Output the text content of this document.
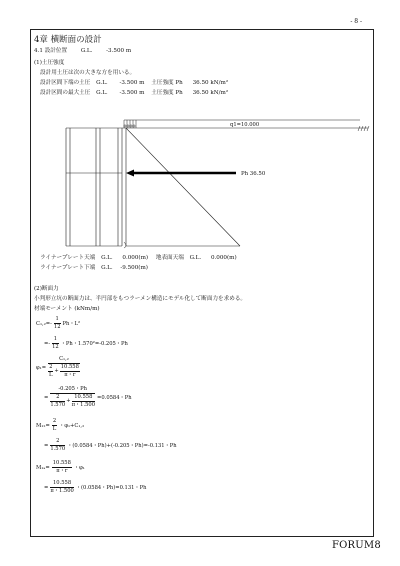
- 8 -
4章 横断面の設計
4.1 設計位置 G.L. -3.500 m
(1)土圧強度
設計用土圧は次の大きな方を用いる。
設計区間下端の土圧 G.L. -3.500 m 土圧強度 Ph 36.50 kN/m²
設計区間の最大土圧 G.L. -3.500 m 土圧強度 Ph 36.50 kN/m²
q1=10.000
Ph 36.50
ライナープレート天端 G.L. 0.000(m) 地表面天端 G.L. 0.000(m)
ライナープレート下端 G.L. -9.500(m)
(2)断面力
小判形立坑の断面力は、半円部をもつラーメン構造にモデル化して断面力を求める。
材端モーメント (kNm/m)
$C_1,_2=- \frac{1}{12}$ Ph・L²
=- $\frac{1}{12}$ ・Ph・1.570²=-0.205・Ph
$\varphi_1= \frac{\text{C₁,₂}}{\frac{2}{L} + \frac{10.558}{\pi・r}}$
= $\frac{-0.205・Ph}{\frac{2}{1.570} + \frac{10.558}{\pi・1.500}} =0.0584$・Ph
$M_{12}= \frac{2}{L}$ ・φ₁+C₁,₂
= $\frac{2}{1.570}$ ・(0.0584・Ph)+(-0.205・Ph)=-0.131・Ph
$M_{1a}= \frac{10.558}{\pi・r}$ ・φ₁
= $\frac{10.558}{\pi・1.500}$ ・(0.0584・Ph)=0.131・Ph
FORUM8
